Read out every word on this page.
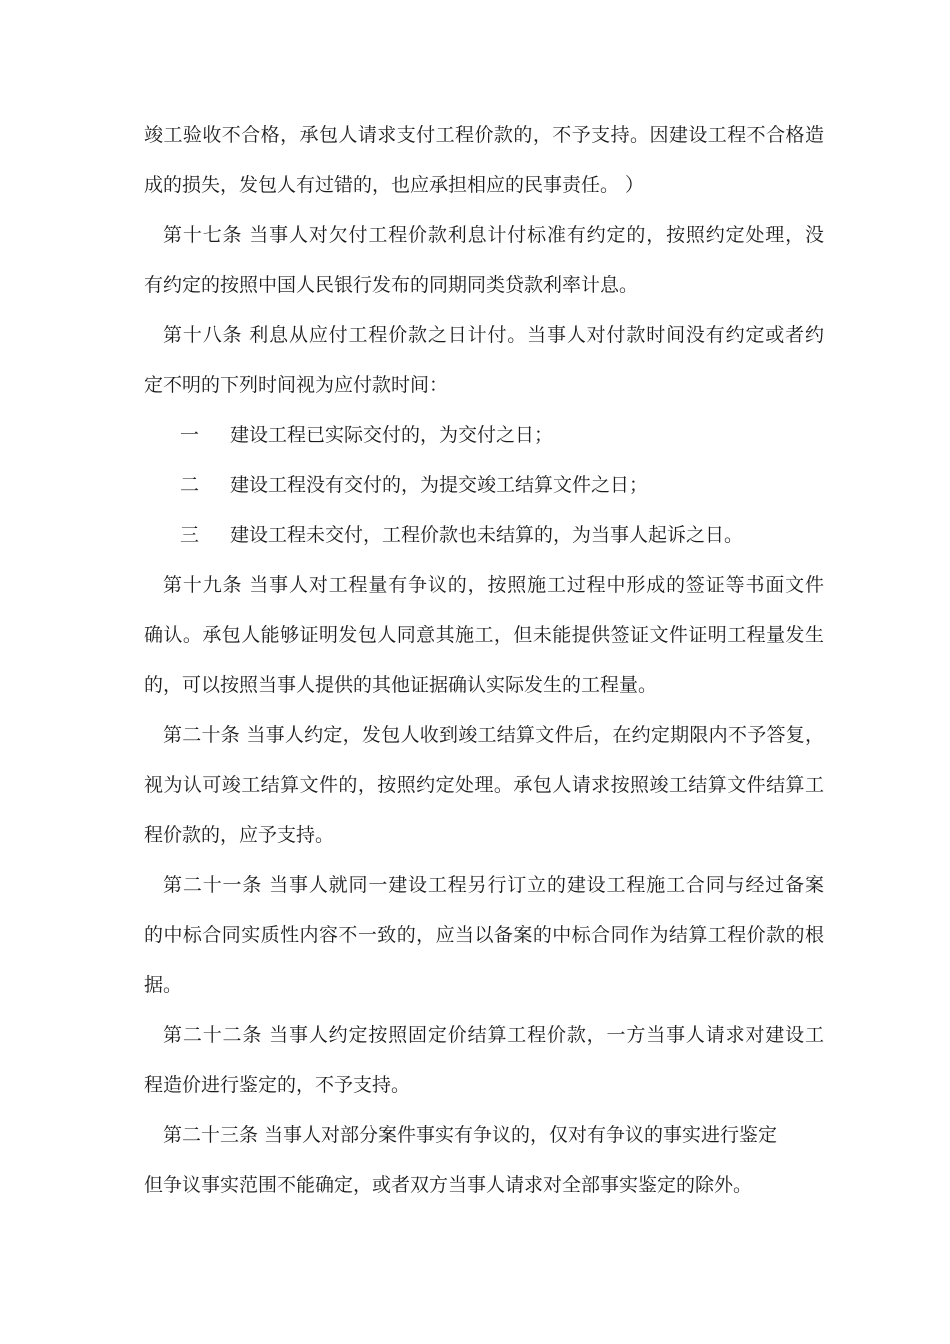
竣工验收不合格，承包人请求支付工程价款的，不予支持。因建设工程不合格造
成的损失，发包人有过错的，也应承担相应的民事责任。 ）
第十七条 当事人对欠付工程价款利息计付标准有约定的，按照约定处理，没
有约定的按照中国人民银行发布的同期同类贷款利率计息。
第十八条 利息从应付工程价款之日计付。当事人对付款时间没有约定或者约
定不明的下列时间视为应付款时间：
一 建设工程已实际交付的，为交付之日；
二 建设工程没有交付的，为提交竣工结算文件之日；
三 建设工程未交付，工程价款也未结算的，为当事人起诉之日。
第十九条 当事人对工程量有争议的，按照施工过程中形成的签证等书面文件
确认。承包人能够证明发包人同意其施工，但未能提供签证文件证明工程量发生
的，可以按照当事人提供的其他证据确认实际发生的工程量。
第二十条 当事人约定，发包人收到竣工结算文件后，在约定期限内不予答复，
视为认可竣工结算文件的，按照约定处理。承包人请求按照竣工结算文件结算工
程价款的，应予支持。
第二十一条 当事人就同一建设工程另行订立的建设工程施工合同与经过备案
的中标合同实质性内容不一致的，应当以备案的中标合同作为结算工程价款的根
据。
第二十二条 当事人约定按照固定价结算工程价款，一方当事人请求对建设工
程造价进行鉴定的，不予支持。
第二十三条 当事人对部分案件事实有争议的，仅对有争议的事实进行鉴定
但争议事实范围不能确定，或者双方当事人请求对全部事实鉴定的除外。
